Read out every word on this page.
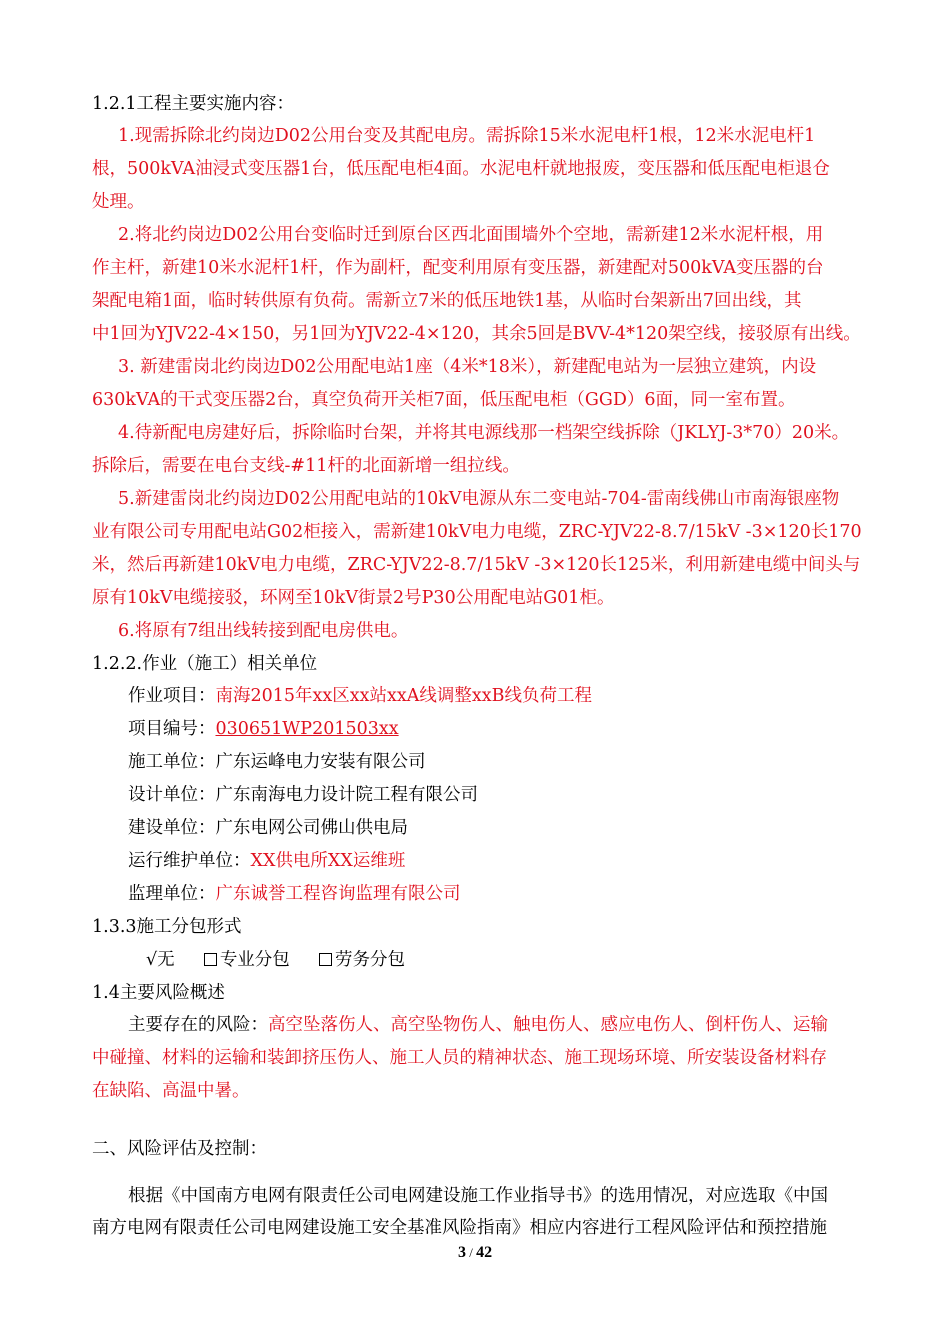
1.2.1工程主要实施内容：
1.现需拆除北约岗边D02公用台变及其配电房。需拆除15米水泥电杆1根，12米水泥电杆1
根，500kVA油浸式变压器1台，低压配电柜4面。水泥电杆就地报废，变压器和低压配电柜退仓
处理。
2.将北约岗边D02公用台变临时迁到原台区西北面围墙外个空地，需新建12米水泥杆根，用
作主杆，新建10米水泥杆1杆，作为副杆，配变利用原有变压器，新建配对500kVA变压器的台
架配电箱1面，临时转供原有负荷。需新立7米的低压地铁1基，从临时台架新出7回出线，其
中1回为YJV22-4×150，另1回为YJV22-4×120，其余5回是BVV-4*120架空线，接驳原有出线。
3. 新建雷岗北约岗边D02公用配电站1座（4米*18米），新建配电站为一层独立建筑，内设
630kVA的干式变压器2台，真空负荷开关柜7面，低压配电柜（GGD）6面，同一室布置。
4.待新配电房建好后，拆除临时台架，并将其电源线那一档架空线拆除（JKLYJ-3*70）20米。
拆除后，需要在电台支线-#11杆的北面新增一组拉线。
5.新建雷岗北约岗边D02公用配电站的10kV电源从东二变电站-704-雷南线佛山市南海银座物
业有限公司专用配电站G02柜接入，需新建10kV电力电缆，ZRC-YJV22-8.7/15kV -3×120长170
米，然后再新建10kV电力电缆，ZRC-YJV22-8.7/15kV -3×120长125米，利用新建电缆中间头与
原有10kV电缆接驳，环网至10kV街景2号P30公用配电站G01柜。
6.将原有7组出线转接到配电房供电。
1.2.2.作业（施工）相关单位
作业项目：南海2015年xx区xx站xxA线调整xxB线负荷工程
项目编号：030651WP201503xx
施工单位：广东运峰电力安装有限公司
设计单位：广东南海电力设计院工程有限公司
建设单位：广东电网公司佛山供电局
运行维护单位：XX供电所XX运维班
监理单位：广东诚誉工程咨询监理有限公司
1.3.3施工分包形式
√无	专业分包	劳务分包
1.4主要风险概述
主要存在的风险：高空坠落伤人、高空坠物伤人、触电伤人、感应电伤人、倒杆伤人、运输
中碰撞、材料的运输和装卸挤压伤人、施工人员的精神状态、施工现场环境、所安装设备材料存
在缺陷、高温中暑。
二、风险评估及控制：
根据《中国南方电网有限责任公司电网建设施工作业指导书》的选用情况，对应选取《中国
南方电网有限责任公司电网建设施工安全基准风险指南》相应内容进行工程风险评估和预控措施
3 / 42
